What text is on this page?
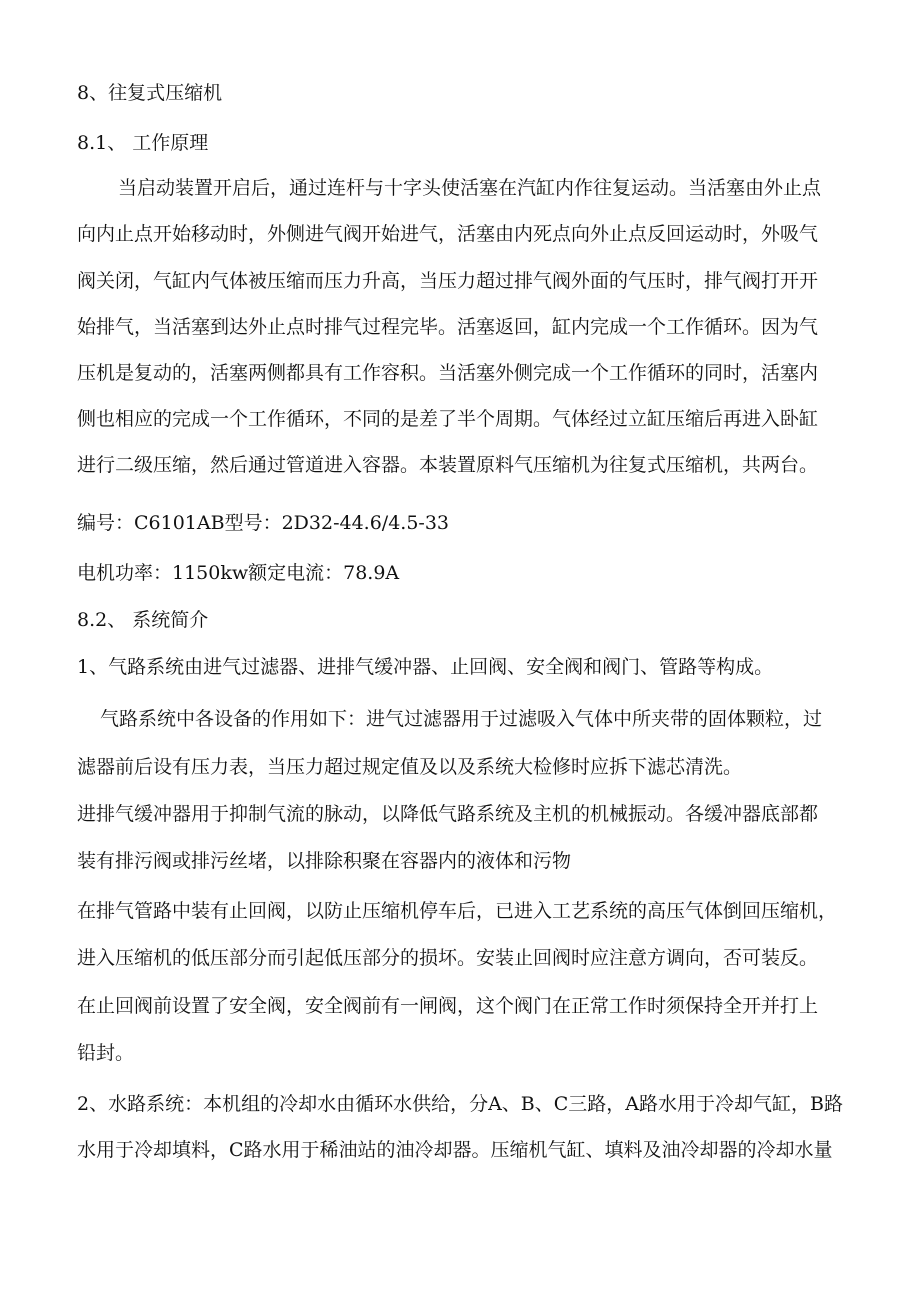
8、往复式压缩机
8.1、 工作原理
当启动装置开启后，通过连杆与十字头使活塞在汽缸内作往复运动。当活塞由外止点
向内止点开始移动时，外侧进气阀开始进气，活塞由内死点向外止点反回运动时，外吸气
阀关闭，气缸内气体被压缩而压力升高，当压力超过排气阀外面的气压时，排气阀打开开
始排气，当活塞到达外止点时排气过程完毕。活塞返回，缸内完成一个工作循环。因为气
压机是复动的，活塞两侧都具有工作容积。当活塞外侧完成一个工作循环的同时，活塞内
侧也相应的完成一个工作循环，不同的是差了半个周期。气体经过立缸压缩后再进入卧缸
进行二级压缩，然后通过管道进入容器。本装置原料气压缩机为往复式压缩机，共两台。
编号：C6101AB型号：2D32-44.6/4.5-33
电机功率：1150kw额定电流：78.9A
8.2、 系统简介
1、气路系统由进气过滤器、进排气缓冲器、止回阀、安全阀和阀门、管路等构成。
气路系统中各设备的作用如下：进气过滤器用于过滤吸入气体中所夹带的固体颗粒，过
滤器前后设有压力表，当压力超过规定值及以及系统大检修时应拆下滤芯清洗。
进排气缓冲器用于抑制气流的脉动，以降低气路系统及主机的机械振动。各缓冲器底部都
装有排污阀或排污丝堵，以排除积聚在容器内的液体和污物
在排气管路中装有止回阀，以防止压缩机停车后，已进入工艺系统的高压气体倒回压缩机，
进入压缩机的低压部分而引起低压部分的损坏。安装止回阀时应注意方调向，否可装反。
在止回阀前设置了安全阀，安全阀前有一闸阀，这个阀门在正常工作时须保持全开并打上
铅封。
2、水路系统：本机组的冷却水由循环水供给，分A、B、C三路，A路水用于冷却气缸，B路
水用于冷却填料，C路水用于稀油站的油冷却器。压缩机气缸、填料及油冷却器的冷却水量
